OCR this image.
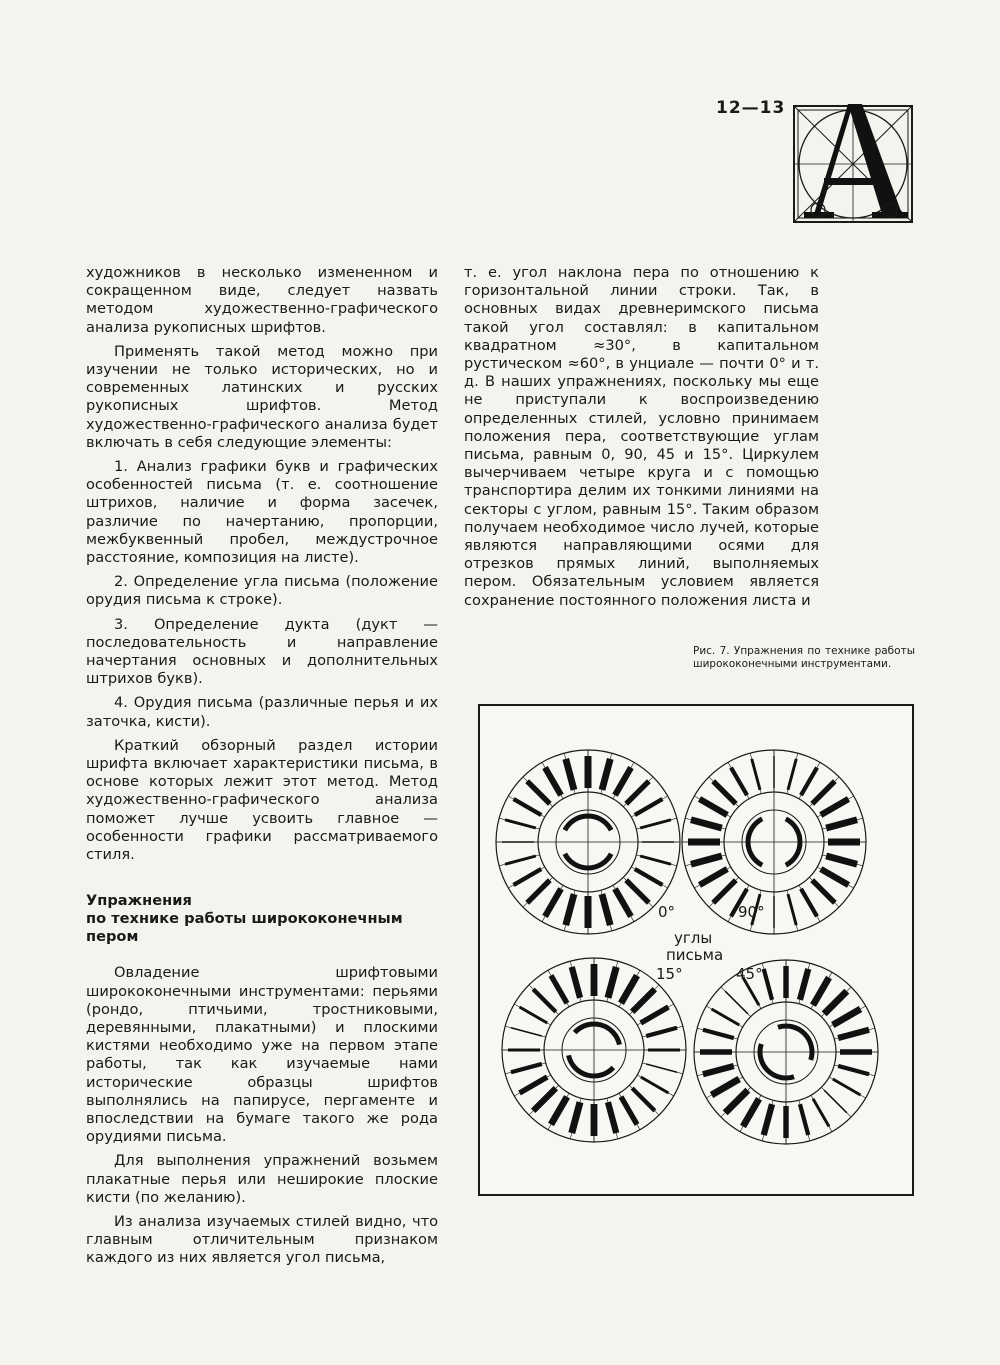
12—13

художников в несколько измененном и сокращенном виде, следует назвать методом художественно-графического анализа рукописных шрифтов.

Применять такой метод можно при изучении не только исторических, но и современных латинских и русских рукописных шрифтов. Метод художественно-графического анализа будет включать в себя следующие элементы:

1. Анализ графики букв и графических особенностей письма (т. е. соотношение штрихов, наличие и форма засечек, различие по начертанию, пропорции, межбуквенный пробел, междустрочное расстояние, композиция на листе).

2. Определение угла письма (положение орудия письма к строке).

3. Определение дукта (дукт — последовательность и направление начертания основных и дополнительных штрихов букв).

4. Орудия письма (различные перья и их заточка, кисти).

Краткий обзорный раздел истории шрифта включает характеристики письма, в основе которых лежит этот метод. Метод художественно-графического анализа поможет лучше усвоить главное — особенности графики рассматриваемого стиля.

Упражнения
по технике работы ширококонечным пером

Овладение шрифтовыми ширококонечными инструментами: перьями (рондо, птичьими, тростниковыми, деревянными, плакатными) и плоскими кистями необходимо уже на первом этапе работы, так как изучаемые нами исторические образцы шрифтов выполнялись на папирусе, пергаменте и впоследствии на бумаге такого же рода орудиями письма.

Для выполнения упражнений возьмем плакатные перья или неширокие плоские кисти (по желанию).

Из анализа изучаемых стилей видно, что главным отличительным признаком каждого из них является угол письма,

т. е. угол наклона пера по отношению к горизонтальной линии строки. Так, в основных видах древнеримского письма такой угол составлял: в капитальном квадратном ≈30°, в капитальном рустическом ≈60°, в унциале — почти 0° и т. д. В наших упражнениях, поскольку мы еще не приступали к воспроизведению определенных стилей, условно принимаем положения пера, соответствующие углам письма, равным 0, 90, 45 и 15°. Циркулем вычерчиваем четыре круга и с помощью транспортира делим их тонкими линиями на секторы с углом, равным 15°. Таким образом получаем необходимое число лучей, которые являются направляющими осями для отрезков прямых линий, выполняемых пером. Обязательным условием является сохранение постоянного положения листа и

Рис. 7. Упражнения по технике работы ширококонечными инструментами.
0°	90°
углы
письма
15°	45°
